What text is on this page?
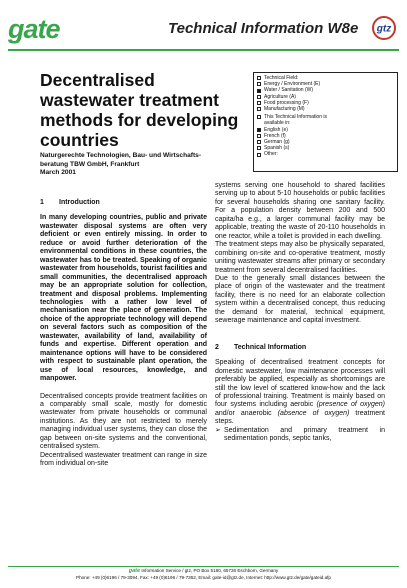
gate	Technical Information W8e gtz
Decentralised wastewater treatment methods for developing countries
Naturgerechte Technologien, Bau- und Wirtschafts-
beratung TBW GmbH, Frankfurt
March 2001
Technical Field:
Energy / Environment (E)
Water / Sanitation (W)
Agriculture (A)
Food processing (F)
Manufacturing (M)
This Technical Information is
available in:
English (e)
French (f)
German (g)
Spanish (s)
Other:
1 Introduction

In many developing countries, public and private wastewater disposal systems are often very deficient or even entirely missing. In order to reduce or avoid further deterioration of the environmental conditions in these countries, the wastewater has to be treated. Speaking of organic wastewater from households, tourist facilities and small communities, the decentralised approach may be an appropriate solution for collection, treatment and disposal problems. Implementing technologies with a rather low level of mechanisation near the place of generation. The choice of the appropriate technology will depend on several factors such as composition of the wastewater, availability of land, availability of funds and expertise. Different operation and maintenance options will have to be considered with respect to sustainable plant operation, the use of local resources, knowledge, and manpower.

Decentralised concepts provide treatment facilities on a comparably small scale, mostly for domestic wastewater from private households or communal institutions. As they are not restricted to merely managing individual user systems, they can close the gap between on-site systems and the conventional, centralised system.

Decentralised wastewater treatment can range in size from individual on-site

systems serving one household to shared facilities serving up to about 5-10 households or public facilities for several households sharing one sanitary facility. For a population density between 200 and 500 capita/ha e.g., a larger communal facility may be applicable, treating the waste of 20-110 households in one reactor, while a toilet is provided in each dwelling.

The treatment steps may also be physically separated, combining on-site and co-operative treatment, mostly uniting wastewater streams after primary or secondary treatment from several decentralised facilities.

Due to the generally small distances between the place of origin of the wastewater and the treatment facility, there is no need for an elaborate collection system within a decentralised concept, thus reducing the demand for material, technical equipment, sewerage maintenance and capital investment.

2 Technical Information

Speaking of decentralised treatment concepts for domestic wastewater, low maintenance processes will preferably be applied, especially as shortcomings are still the low level of scattered know-how and the lack of professional training. Treatment is mainly based on four systems including aerobic (presence of oxygen) and/or anaerobic (absence of oxygen) treatment steps.

➢ Sedimentation and primary treatment in sedimentation ponds, septic tanks,
gate Information Service / gtz, PO Box 5180, 65726 Eschborn, Germany
Phone: +49 (0)6196 / 79-3094, Fax: +49 (0)6196 / 79-7352, Email: gate-id@gtz.de, Internet: http://www.gtz.de/gate/gateid.afp
